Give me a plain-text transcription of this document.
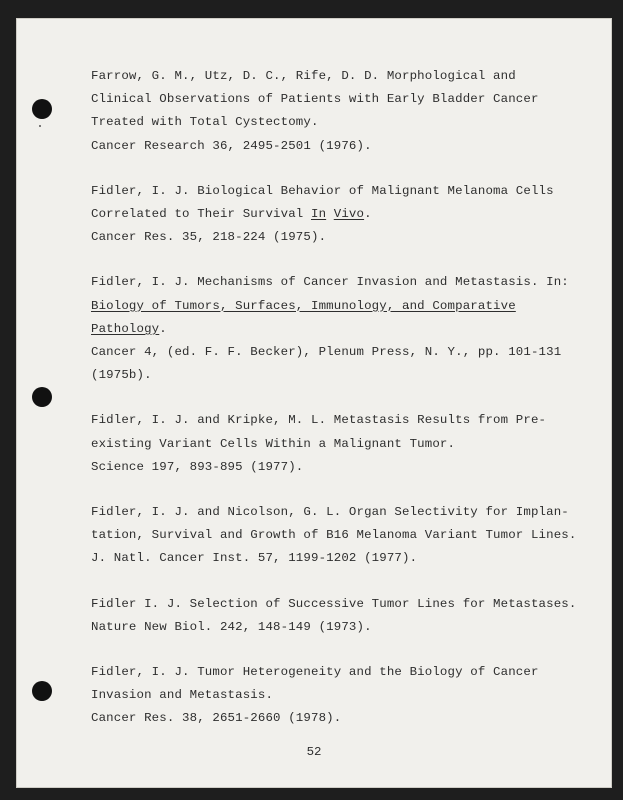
Farrow, G. M., Utz, D. C., Rife, D. D. Morphological and
Clinical Observations of Patients with Early Bladder Cancer
Treated with Total Cystectomy.
Cancer Research 36, 2495-2501 (1976).
Fidler, I. J. Biological Behavior of Malignant Melanoma Cells
Correlated to Their Survival In Vivo.
Cancer Res. 35, 218-224 (1975).
Fidler, I. J. Mechanisms of Cancer Invasion and Metastasis. In:
Biology of Tumors, Surfaces, Immunology, and Comparative
Pathology.
Cancer 4, (ed. F. F. Becker), Plenum Press, N. Y., pp. 101-131
(1975b).
Fidler, I. J. and Kripke, M. L. Metastasis Results from Pre-
existing Variant Cells Within a Malignant Tumor.
Science 197, 893-895 (1977).
Fidler, I. J. and Nicolson, G. L. Organ Selectivity for Implan-
tation, Survival and Growth of B16 Melanoma Variant Tumor Lines.
J. Natl. Cancer Inst. 57, 1199-1202 (1977).
Fidler I. J. Selection of Successive Tumor Lines for Metastases.
Nature New Biol. 242, 148-149 (1973).
Fidler, I. J. Tumor Heterogeneity and the Biology of Cancer
Invasion and Metastasis.
Cancer Res. 38, 2651-2660 (1978).
52
